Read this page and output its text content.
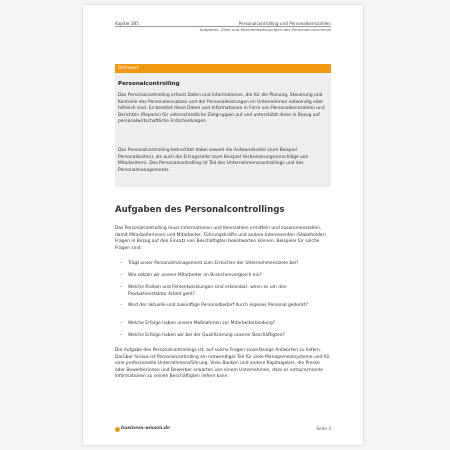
Kapitel 1B5	Personalcontrolling und Personalkennzahlen
Aufgaben, Ziele und Rahmenbedingungen des Personalcontrollings
Stichwort
Personalcontrolling
Das Personalcontrolling erfasst Daten und Informationen, die für die Planung, Steuerung und Kontrolle des Personaleinsatzes und der Personalleistungen im Unternehmen notwendig oder hilfreich sind. Es bereitet diese Daten und Informationen in Form von Personalkennzahlen und Berichten (Reports) für unterschiedliche Zielgruppen auf und unterstützt diese in Bezug auf personalwirtschaftliche Entscheidungen.
Das Personalcontrolling betrachtet dabei sowohl die Aufwandsseite (zum Beispiel Personalkosten), als auch die Ertragsseite (zum Beispiel Verbesserungsvorschläge von Mitarbeitern). Das Personalcontrolling ist Teil des Unternehmenscontrollings und des Personalmanagements.
Aufgaben des Personalcontrollings
Das Personalcontrolling muss Informationen und Kennzahlen ermitteln und zusammenstellen, damit Mitarbeiterinnen und Mitarbeiter, Führungskräfte und andere Interessenten (Stakeholder) Fragen in Bezug auf den Einsatz von Beschäftigten beantworten können. Beispiele für solche Fragen sind:
–	Trägt unser Personalmanagement zum Erreichen der Unternehmensziele bei?
–	Wie setzen wir unsere Mitarbeiter im Branchenvergleich ein?
–	Welche Risiken und Fehlentwicklungen sind erkennbar, wenn es um den Produktionsfaktor Arbeit geht?
–	Wird der aktuelle und zukünftige Personalbedarf durch eigenes Personal gedeckt?
–	Welche Erfolge haben unsere Maßnahmen zur Mitarbeiterbindung?
–	Welche Erfolge haben wir bei der Qualifizierung unserer Beschäftigten?
Die Aufgabe des Personalcontrollings ist, auf solche Fragen zuverlässige Antworten zu liefern. Darüber hinaus ist Personalcontrolling ein notwendiger Teil für viele Managementsysteme und für eine professionelle Unternehmensführung. Viele Banken und andere Kapitalgeber, die Presse oder Bewerberinnen und Bewerber erwarten von einem Unternehmen, dass es entsprechende Informationen zu seinen Beschäftigten liefern kann.
business-wissen.de	Seite 3
